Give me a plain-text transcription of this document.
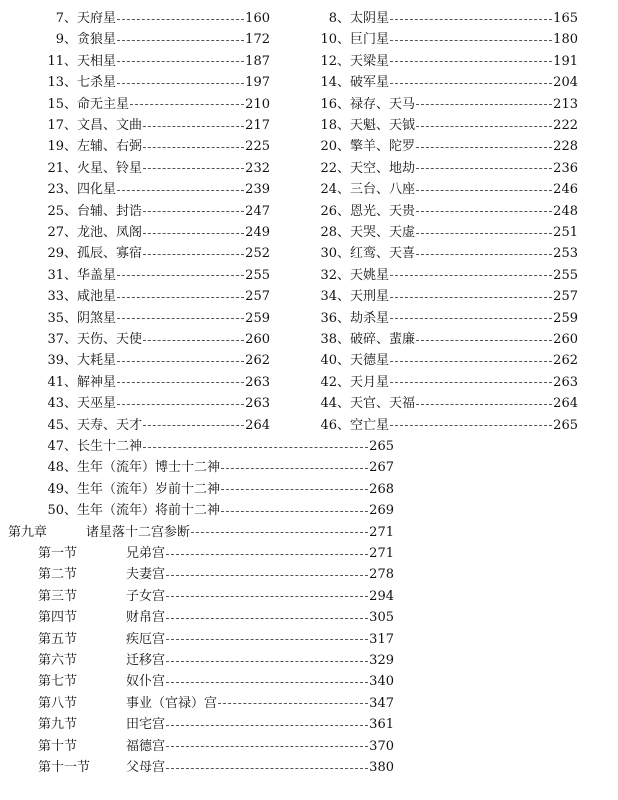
7 、 天府星	160
9 、 贪狼星	172
11 、 天相星	187
13 、 七杀星	197
15 、 命无主星	210
17 、 文昌、文曲	217
19 、 左辅、右弼	225
21 、 火星、铃星	232
23 、 四化星	239
25 、 台辅、封诰	247
27 、 龙池、凤阁	249
29 、 孤辰、寡宿	252
31 、 华盖星	255
33 、 咸池星	257
35 、 阴煞星	259
37 、 天伤、天使	260
39 、 大耗星	262
41 、 解神星	263
43 、 天巫星	263
45 、 天寿、天才	264
8 、 太阴星	165
10 、 巨门星	180
12 、 天梁星	191
14 、 破军星	204
16 、 禄存、天马	213
18 、 天魁、天钺	222
20 、 擎羊、陀罗	228
22 、 天空、地劫	236
24 、 三台、八座	246
26 、 恩光、天贵	248
28 、 天哭、天虚	251
30 、 红鸾、天喜	253
32 、 天姚星	255
34 、 天刑星	257
36 、 劫杀星	259
38 、 破碎、蜚廉	260
40 、 天德星	262
42 、 天月星	263
44 、 天官、天福	264
46 、 空亡星	265
47 、 长生十二神	265
48 、 生年（流年）博士十二神	267
49 、 生年（流年）岁前十二神	268
50 、 生年（流年）将前十二神	269
第九章	诸星落十二宫参断	271
第一节	兄弟宫	271
第二节	夫妻宫	278
第三节	子女宫	294
第四节	财帛宫	305
第五节	疾厄宫	317
第六节	迁移宫	329
第七节	奴仆宫	340
第八节	事业（官禄）宫	347
第九节	田宅宫	361
第十节	福德宫	370
第十一节	父母宫	380
